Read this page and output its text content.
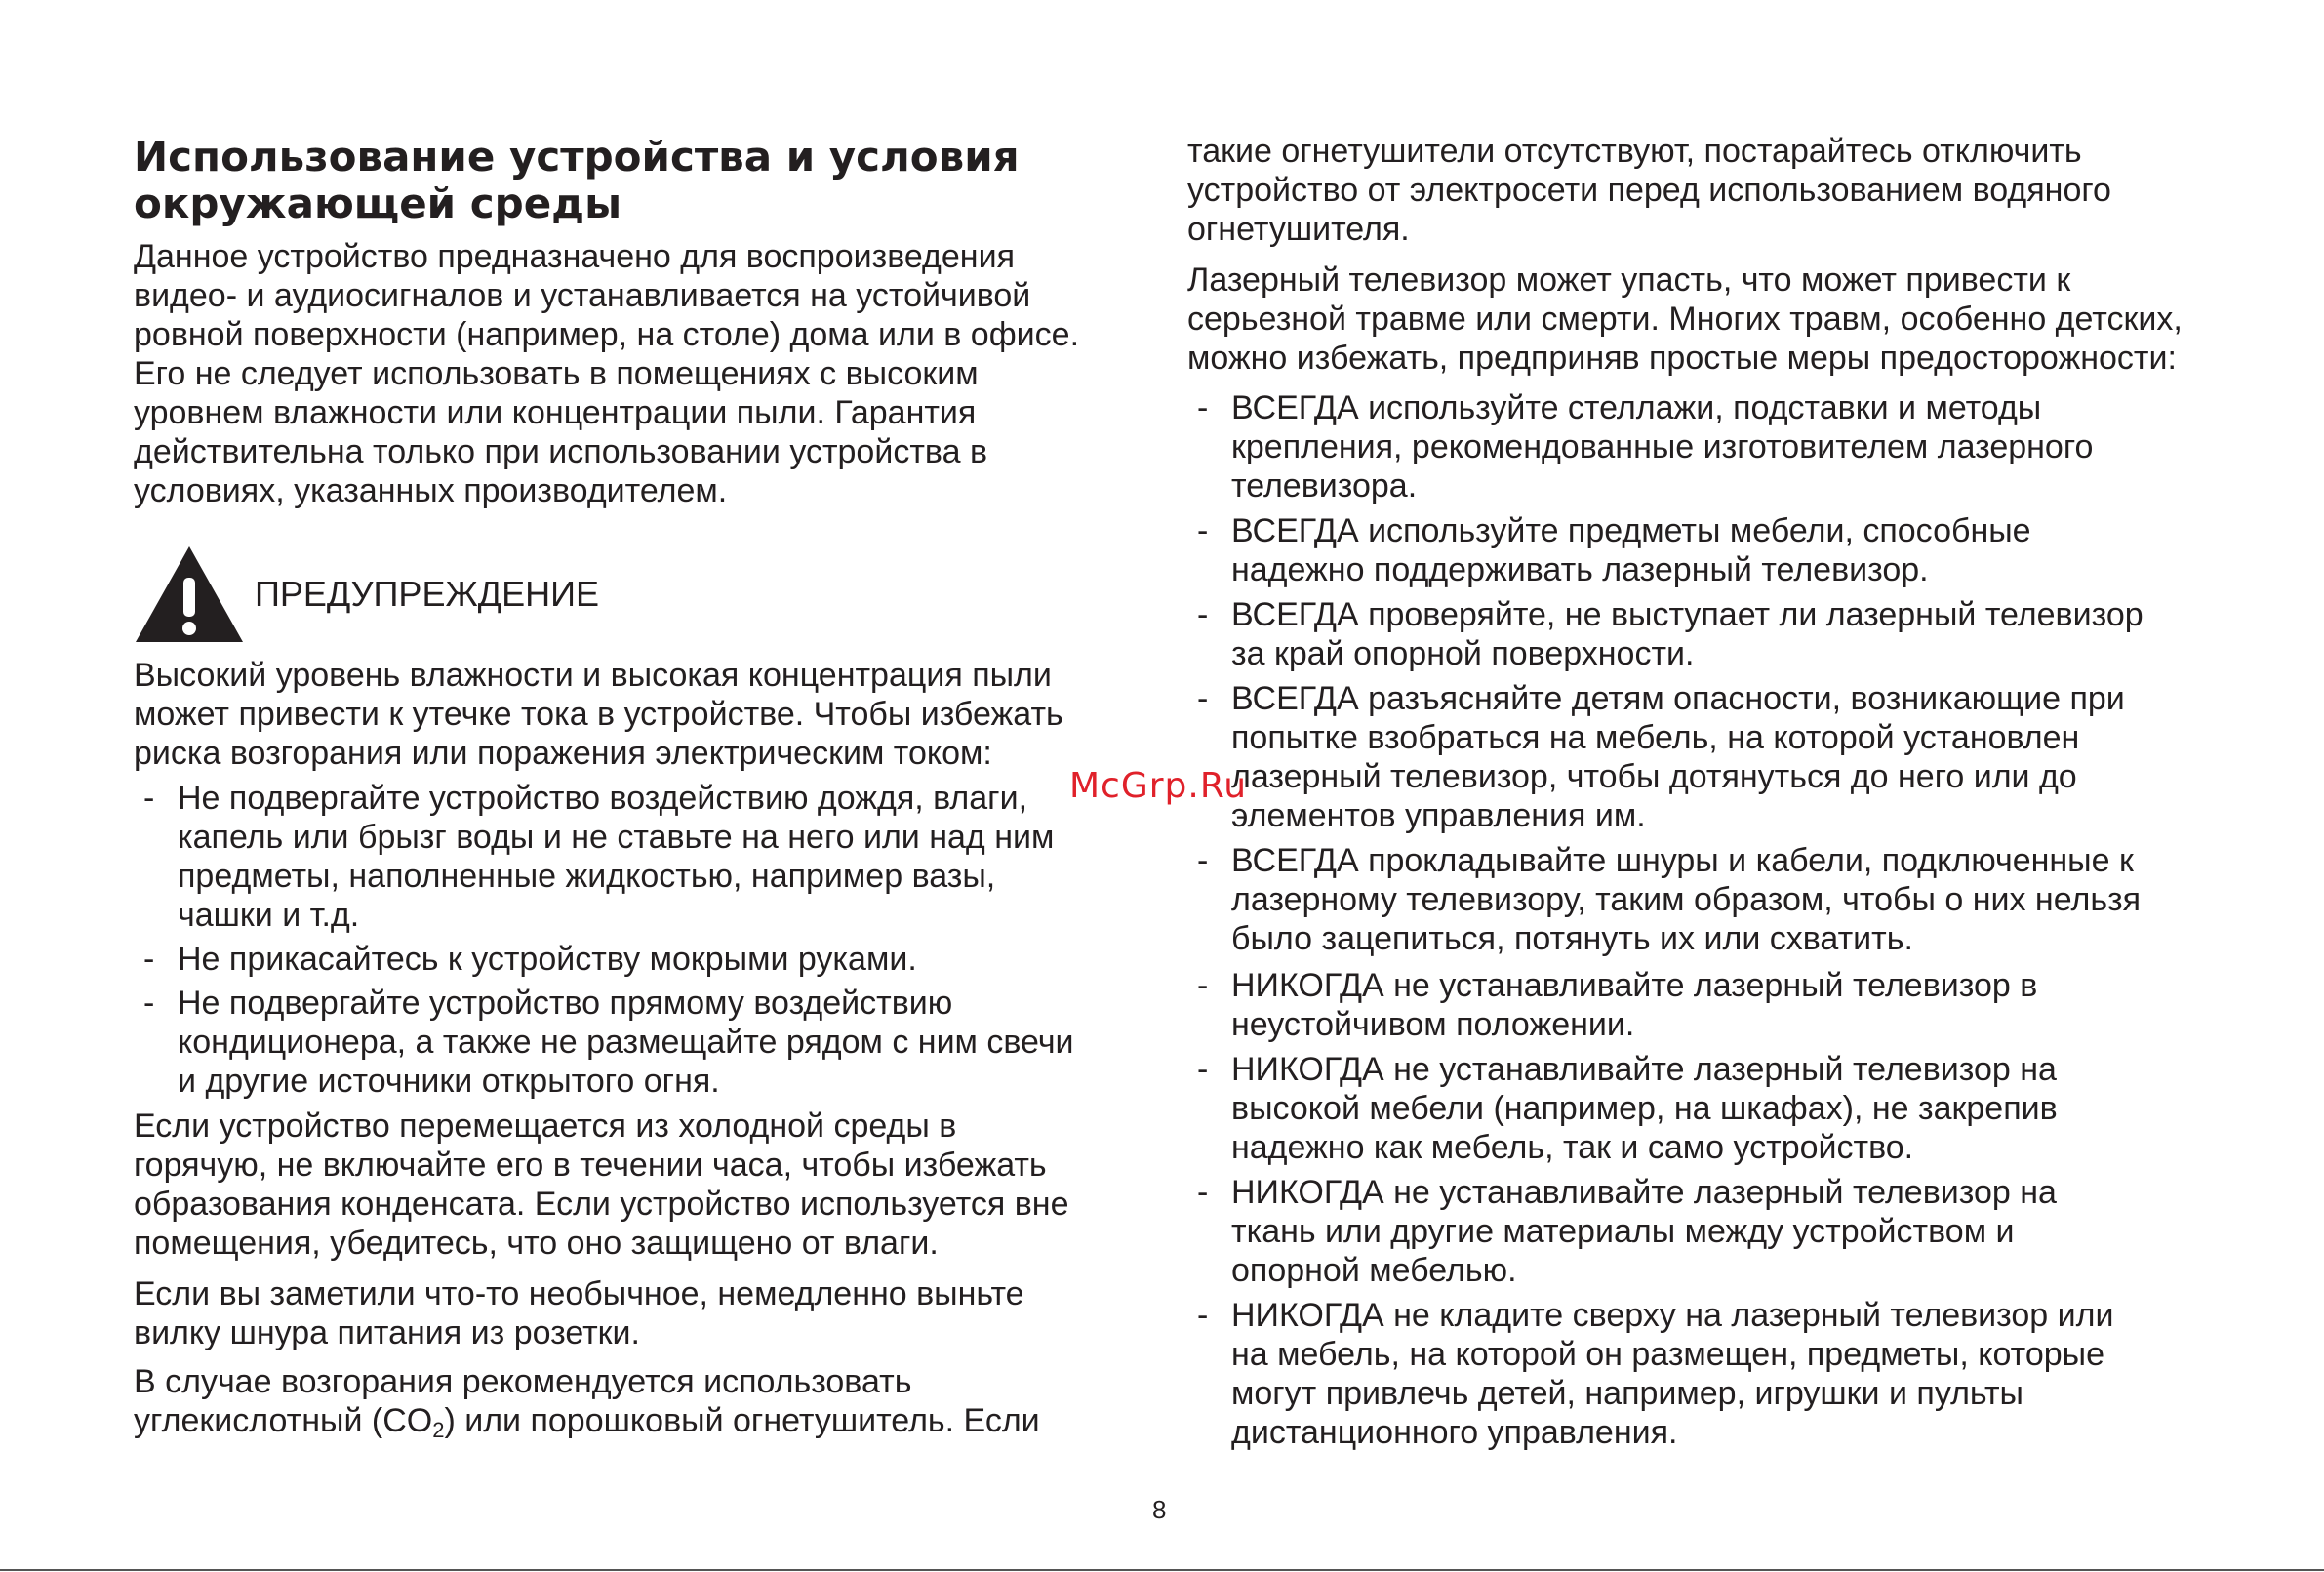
Использование устройства и условия
окружающей среды
Данное устройство предназначено для воспроизведения
видео- и аудиосигналов и устанавливается на устойчивой
ровной поверхности (например, на столе) дома или в офисе.
Его не следует использовать в помещениях с высоким
уровнем влажности или концентрации пыли. Гарантия
действительна только при использовании устройства в
условиях, указанных производителем.
ПРЕДУПРЕЖДЕНИЕ
Высокий уровень влажности и высокая концентрация пыли
может привести к утечке тока в устройстве. Чтобы избежать
риска возгорания или поражения электрическим током:
- Не подвергайте устройство воздействию дождя, влаги,
капель или брызг воды и не ставьте на него или над ним
предметы, наполненные жидкостью, например вазы,
чашки и т.д.
- Не прикасайтесь к устройству мокрыми руками.
- Не подвергайте устройство прямому воздействию
кондиционера, а также не размещайте рядом с ним свечи
и другие источники открытого огня.
Если устройство перемещается из холодной среды в
горячую, не включайте его в течении часа, чтобы избежать
образования конденсата. Если устройство используется вне
помещения, убедитесь, что оно защищено от влаги.
Если вы заметили что-то необычное, немедленно выньте
вилку шнура питания из розетки.
В случае возгорания рекомендуется использовать
углекислотный $(CO_2)$ или порошковый огнетушитель. Если
такие огнетушители отсутствуют, постарайтесь отключить
устройство от электросети перед использованием водяного
огнетушителя.
Лазерный телевизор может упасть, что может привести к
серьезной травме или смерти. Многих травм, особенно детских,
можно избежать, предприняв простые меры предосторожности:
- ВСЕГДА используйте стеллажи, подставки и методы
крепления, рекомендованные изготовителем лазерного
телевизора.
- ВСЕГДА используйте предметы мебели, способные
надежно поддерживать лазерный телевизор.
- ВСЕГДА проверяйте, не выступает ли лазерный телевизор
за край опорной поверхности.
- ВСЕГДА разъясняйте детям опасности, возникающие при
попытке взобраться на мебель, на которой установлен
лазерный телевизор, чтобы дотянуться до него или до
элементов управления им.
- ВСЕГДА прокладывайте шнуры и кабели, подключенные к
лазерному телевизору, таким образом, чтобы о них нельзя
было зацепиться, потянуть их или схватить.
- НИКОГДА не устанавливайте лазерный телевизор в
неустойчивом положении.
- НИКОГДА не устанавливайте лазерный телевизор на
высокой мебели (например, на шкафах), не закрепив
надежно как мебель, так и само устройство.
- НИКОГДА не устанавливайте лазерный телевизор на
ткань или другие материалы между устройством и
опорной мебелью.
- НИКОГДА не кладите сверху на лазерный телевизор или
на мебель, на которой он размещен, предметы, которые
могут привлечь детей, например, игрушки и пульты
дистанционного управления.
McGrp.Ru
8
